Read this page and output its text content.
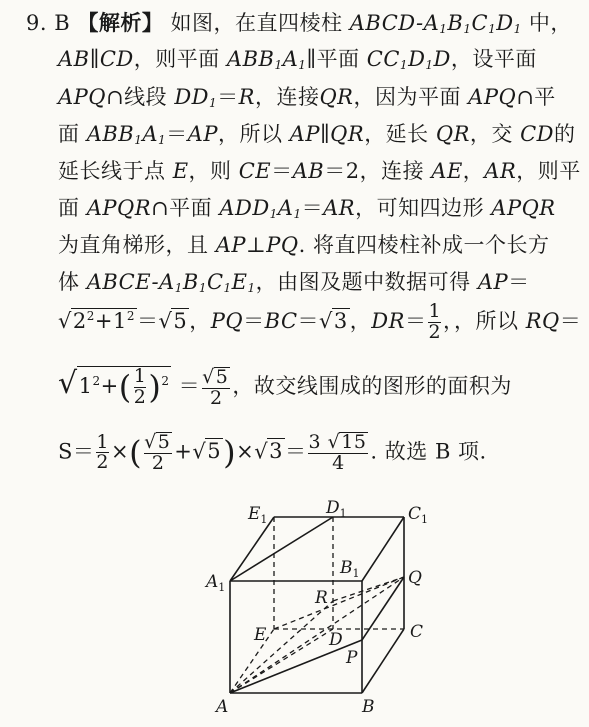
9. B 【解析】 如图，在直四棱柱 ABCD-$A_1B_1C_1D_1$ 中，
AB∥CD，则平面 $ABB_1A_1\parallel$平面 $CC_1D_1D$，设平面
APQ∩线段 $DD_1=R$，连接QR，因为平面 APQ∩平
面 $ABB_1A_1=AP$，所以 AP∥QR，延长 QR，交 CD的
延长线于点 E，则 CE＝AB＝2，连接 AE，AR，则平
面 APQR∩平面 $ADD_1A_1=AR$，可知四边形 APQR
为直角梯形，且 AP⊥PQ. 将直四棱柱补成一个长方
体 ABCE-$A_1B_1C_1E_1$，由图及题中数据可得 AP＝
$√2^2+1^2=√5$，PQ＝BC＝√3，$DR= \frac{1}{2}$ ，，所以 RQ＝
$√1^2+( \frac{1}{2} )^2 = \frac{√5}{2}$ ，故交线围成的图形的面积为
$S= \frac{1}{2}$ ×( $\frac{√5}{2} +√5)\times√3= \frac{3 √15}{4}$ . 故选 B 项.
$E_1$
$D_1$	$C_1$
$A_1$
$B_1$
R
Q
E	D	C
P
A	B
